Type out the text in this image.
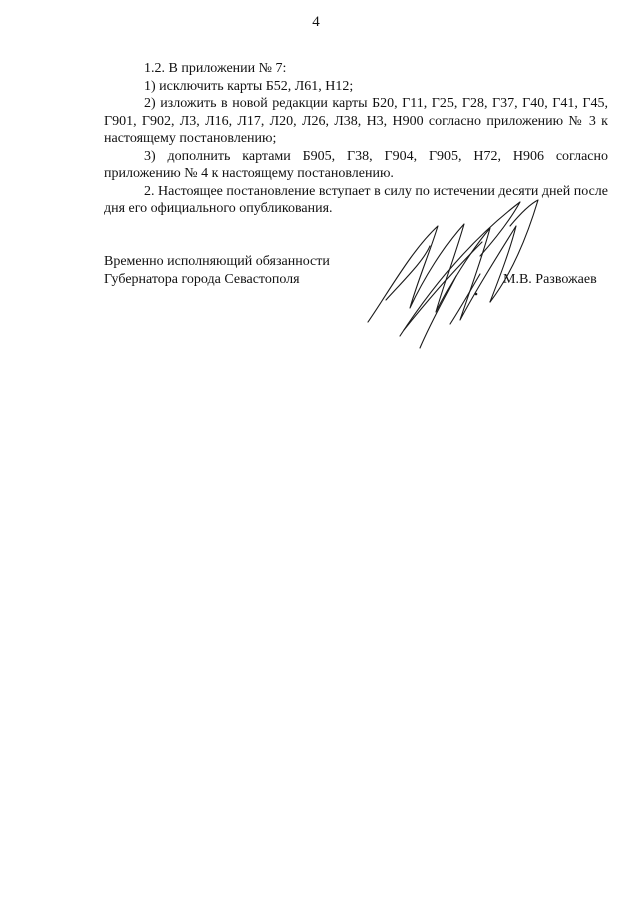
4

1.2. В приложении № 7:

1) исключить карты Б52, Л61, Н12;

2) изложить в новой редакции карты Б20, Г11, Г25, Г28, Г37, Г40, Г41, Г45, Г901, Г902, Л3, Л16, Л17, Л20, Л26, Л38, Н3, Н900 согласно приложению № 3 к настоящему постановлению;

3) дополнить картами Б905, Г38, Г904, Г905, Н72, Н906 согласно приложению № 4 к настоящему постановлению.

2. Настоящее постановление вступает в силу по истечении десяти дней после дня его официального опубликования.

Временно исполняющий обязанности
Губернатора города Севастополя	М.В. Развожаев
